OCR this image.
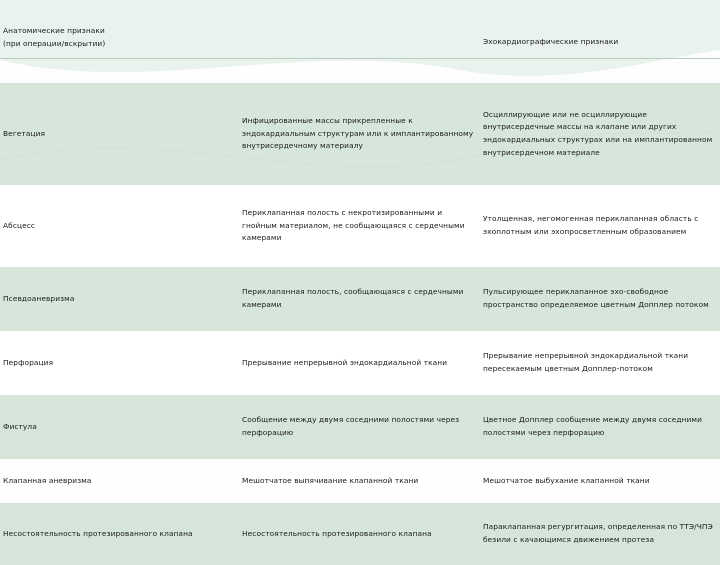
Анатомические признаки
(при операции/вскрытии)		Эхокардиографические признаки
Вегетация	Инфицированные массы прикрепленные к эндокардиальным структурам или к имплантированному внутрисердечному материалу	Осциллирующие или не осциллирующие внутрисердечные массы на клапане или других эндокардиальных структурах или на имплантированном внутрисердечном материале
Абсцесс	Периклапанная полость с некротизированными и гнойным материалом, не сообщающаяся с сердечными камерами	Утолщенная, негомогенная периклапанная область с эхоплотным или эхопросветленным образованием
Псевдоаневризма	Периклапанная полость, сообщающаяся с сердечными камерами	Пульсирующее периклапанное эхо-свободное пространство определяемое цветным Допплер потоком
Перфорация	Прерывание непрерывной эндокардиальной ткани	Прерывание непрерывной эндокардиальной ткани пересекаемым цветным Допплер-потоком
Фистула	Сообщение между двумя соседними полостями через перфорацию	Цветное Допплер сообщение между двумя соседними полостями через перфорацию
Клапанная аневризма	Мешотчатое выпячивание клапанной ткани	Мешотчатое выбухание клапанной ткани
Несостоятельность протезированного клапана	Несостоятельность протезированного клапана	Параклапанная регургитация, определенная по ТТЭ/ЧПЭ безили с качающимся движением протеза
